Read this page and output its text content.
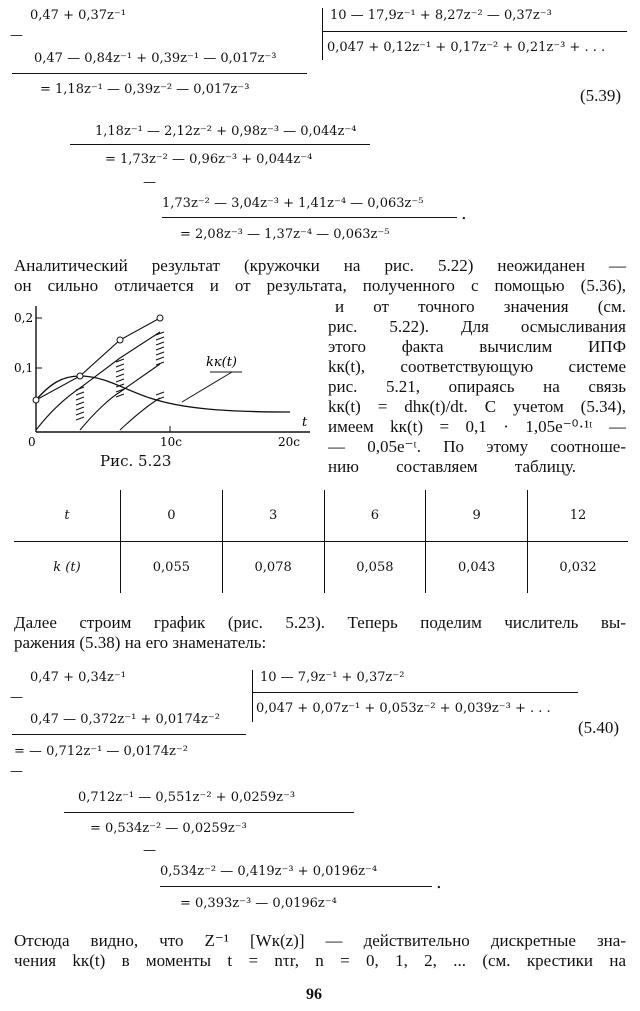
0,47 + 0,37z⁻¹
—
0,47 — 0,84z⁻¹ + 0,39z⁻¹ — 0,017z⁻³
= 1,18z⁻¹ — 0,39z⁻² — 0,017z⁻³
1,18z⁻¹ — 2,12z⁻² + 0,98z⁻³ — 0,044z⁻⁴
= 1,73z⁻² — 0,96z⁻³ + 0,044z⁻⁴
—
1,73z⁻² — 3,04z⁻³ + 1,41z⁻⁴ — 0,063z⁻⁵ .
= 2,08z⁻³ — 1,37z⁻⁴ — 0,063z⁻⁵
10 — 17,9z⁻¹ + 8,27z⁻² — 0,37z⁻³
0,047 + 0,12z⁻¹ + 0,17z⁻² + 0,21z⁻³ + . . .
(5.39)
Аналитический результат (кружочки на рис. 5.22) неожиданен —
он сильно отличается и от результата, полученного с помощью (5.36),
и от точного значения (см.
рис. 5.22). Для осмысливания
этого факта вычислим ИПФ
kк(t), соответствующую системе
рис. 5.21, опираясь на связь
kк(t) = dhк(t)/dt. С учетом (5.34),
имеем kк(t) = 0,1 · 1,05e⁻⁰·¹ᵗ —
— 0,05e⁻ᵗ. По этому соотноше-
нию составляем таблицу.
kк(t)
0,2
0,1
0	10с	20с
t
Рис. 5.23
t	0	3	6	9	12
k (t)	0,055	0,078	0,058	0,043	0,032
Далее строим график (рис. 5.23). Теперь поделим числитель вы-
ражения (5.38) на его знаменатель:
0,47 + 0,34z⁻¹
—
0,47 — 0,372z⁻¹ + 0,0174z⁻²
= — 0,712z⁻¹ — 0,0174z⁻²
—
0,712z⁻¹ — 0,551z⁻² + 0,0259z⁻³
= 0,534z⁻² — 0,0259z⁻³
—
0,534z⁻² — 0,419z⁻³ + 0,0196z⁻⁴
.
= 0,393z⁻³ — 0,0196z⁻⁴
10 — 7,9z⁻¹ + 0,37z⁻²
0,047 + 0,07z⁻¹ + 0,053z⁻² + 0,039z⁻³ + . . .
(5.40)
Отсюда видно, что Z⁻¹ [Wк(z)] — действительно дискретные зна-
чения kк(t) в моменты t = nτr, n = 0, 1, 2, ... (см. крестики на
96
